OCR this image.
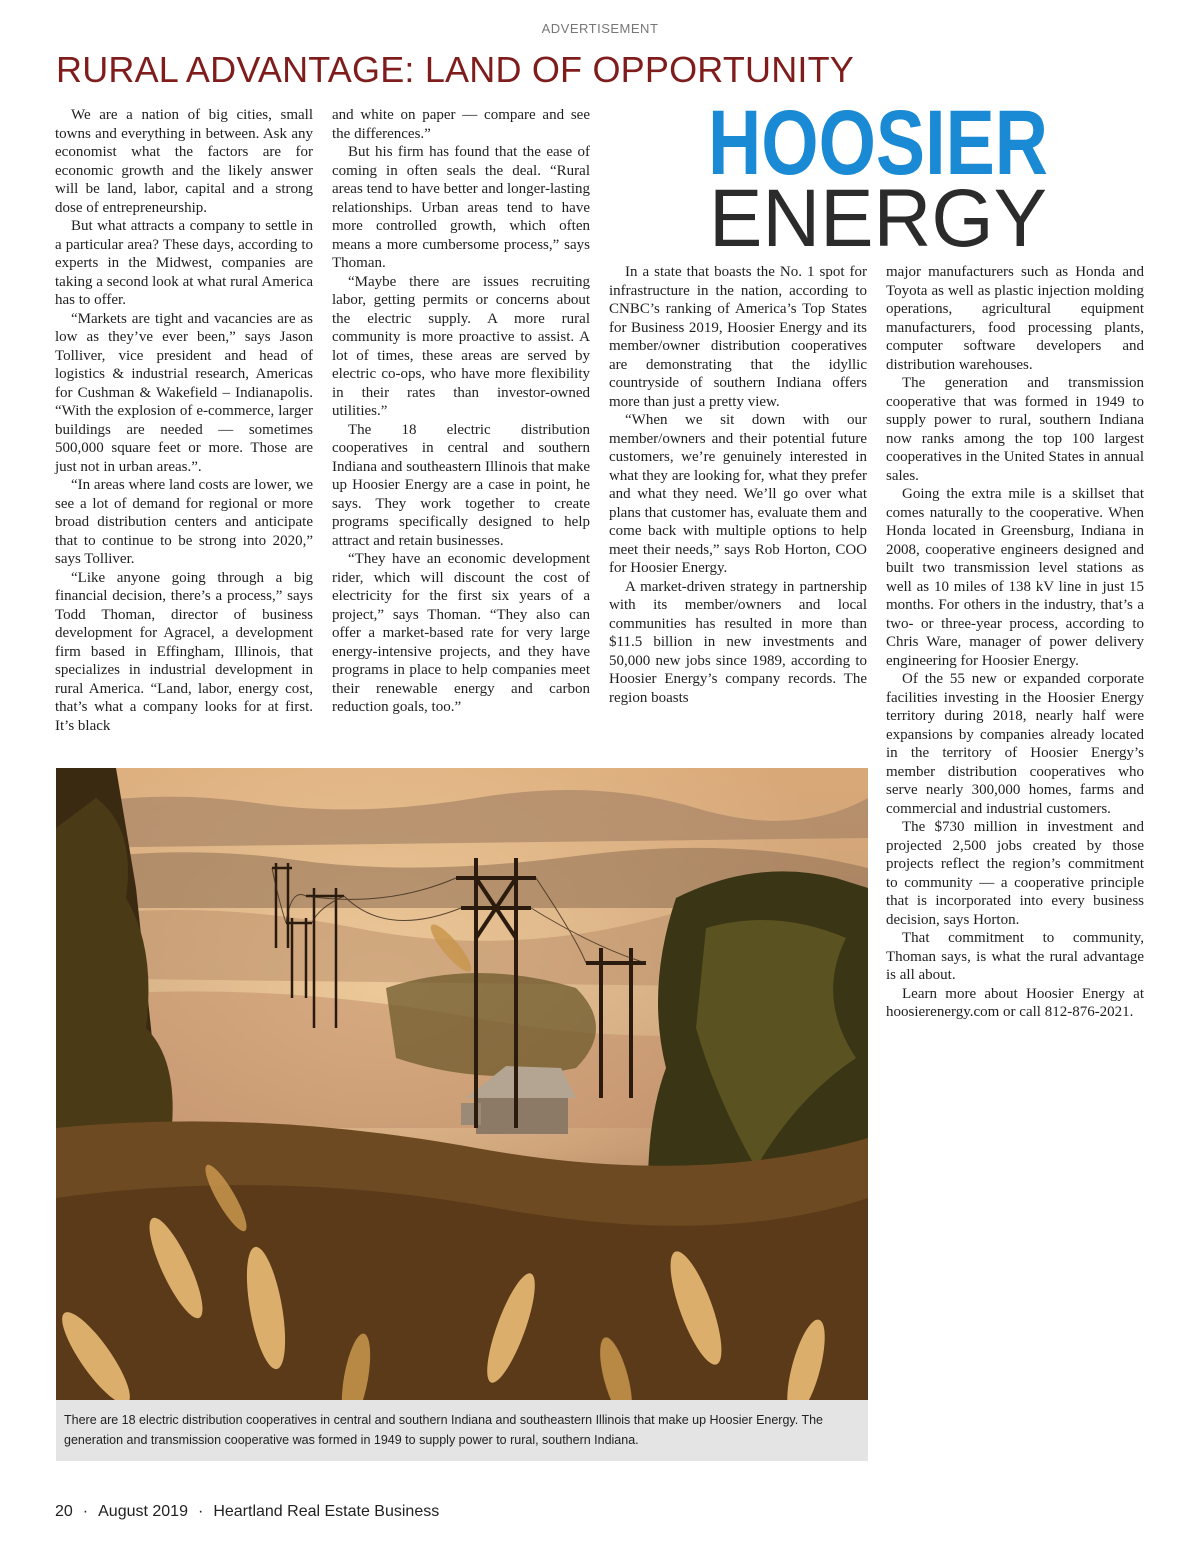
ADVERTISEMENT
RURAL ADVANTAGE: LAND OF OPPORTUNITY

We are a nation of big cities, small towns and everything in between. Ask any economist what the factors are for economic growth and the likely answer will be land, labor, capital and a strong dose of entrepreneurship.

But what attracts a company to settle in a particular area? These days, according to experts in the Midwest, companies are taking a second look at what rural America has to offer.

“Markets are tight and vacancies are as low as they’ve ever been,” says Jason Tolliver, vice president and head of logistics & industrial research, Americas for Cushman & Wakefield – Indianapolis. “With the explosion of e-commerce, larger buildings are needed — sometimes 500,000 square feet or more. Those are just not in urban areas.”.

“In areas where land costs are lower, we see a lot of demand for regional or more broad distribution centers and anticipate that to continue to be strong into 2020,” says Tolliver.

“Like anyone going through a big financial decision, there’s a process,” says Todd Thoman, director of business development for Agracel, a development firm based in Effingham, Illinois, that specializes in industrial development in rural America. “Land, labor, energy cost, that’s what a company looks for at first. It’s black

and white on paper — compare and see the differences.”

But his firm has found that the ease of coming in often seals the deal. “Rural areas tend to have better and longer-lasting relationships. Urban areas tend to have more controlled growth, which often means a more cumbersome process,” says Thoman.

“Maybe there are issues recruiting labor, getting permits or concerns about the electric supply. A more rural community is more proactive to assist. A lot of times, these areas are served by electric co-ops, who have more flexibility in their rates than investor-owned utilities.”

The 18 electric distribution cooperatives in central and southern Indiana and southeastern Illinois that make up Hoosier Energy are a case in point, he says. They work together to create programs specifically designed to help attract and retain businesses.

“They have an economic development rider, which will discount the cost of electricity for the first six years of a project,” says Thoman. “They also can offer a market-based rate for very large energy-intensive projects, and they have programs in place to help companies meet their renewable energy and carbon reduction goals, too.”

HOOSIER
ENERGY

In a state that boasts the No. 1 spot for infrastructure in the nation, according to CNBC’s ranking of America’s Top States for Business 2019, Hoosier Energy and its member/owner distribution cooperatives are demonstrating that the idyllic countryside of southern Indiana offers more than just a pretty view.

“When we sit down with our member/owners and their potential future customers, we’re genuinely interested in what they are looking for, what they prefer and what they need. We’ll go over what plans that customer has, evaluate them and come back with multiple options to help meet their needs,” says Rob Horton, COO for Hoosier Energy.

A market-driven strategy in partnership with its member/owners and local communities has resulted in more than $11.5 billion in new investments and 50,000 new jobs since 1989, according to Hoosier Energy’s company records. The region boasts

major manufacturers such as Honda and Toyota as well as plastic injection molding operations, agricultural equipment manufacturers, food processing plants, computer software developers and distribution warehouses.

The generation and transmission cooperative that was formed in 1949 to supply power to rural, southern Indiana now ranks among the top 100 largest cooperatives in the United States in annual sales.

Going the extra mile is a skillset that comes naturally to the cooperative. When Honda located in Greensburg, Indiana in 2008, cooperative engineers designed and built two transmission level stations as well as 10 miles of 138 kV line in just 15 months. For others in the industry, that’s a two- or three-year process, according to Chris Ware, manager of power delivery engineering for Hoosier Energy.

Of the 55 new or expanded corporate facilities investing in the Hoosier Energy territory during 2018, nearly half were expansions by companies already located in the territory of Hoosier Energy’s member distribution cooperatives who serve nearly 300,000 homes, farms and commercial and industrial customers.

The $730 million in investment and projected 2,500 jobs created by those projects reflect the region’s commitment to community — a cooperative principle that is incorporated into every business decision, says Horton.

That commitment to community, Thoman says, is what the rural advantage is all about.

Learn more about Hoosier Energy at hoosierenergy.com or call 812-876-2021.

There are 18 electric distribution cooperatives in central and southern Indiana and southeastern Illinois that make up Hoosier Energy. The generation and transmission cooperative was formed in 1949 to supply power to rural, southern Indiana.

20 · August 2019 · Heartland Real Estate Business
